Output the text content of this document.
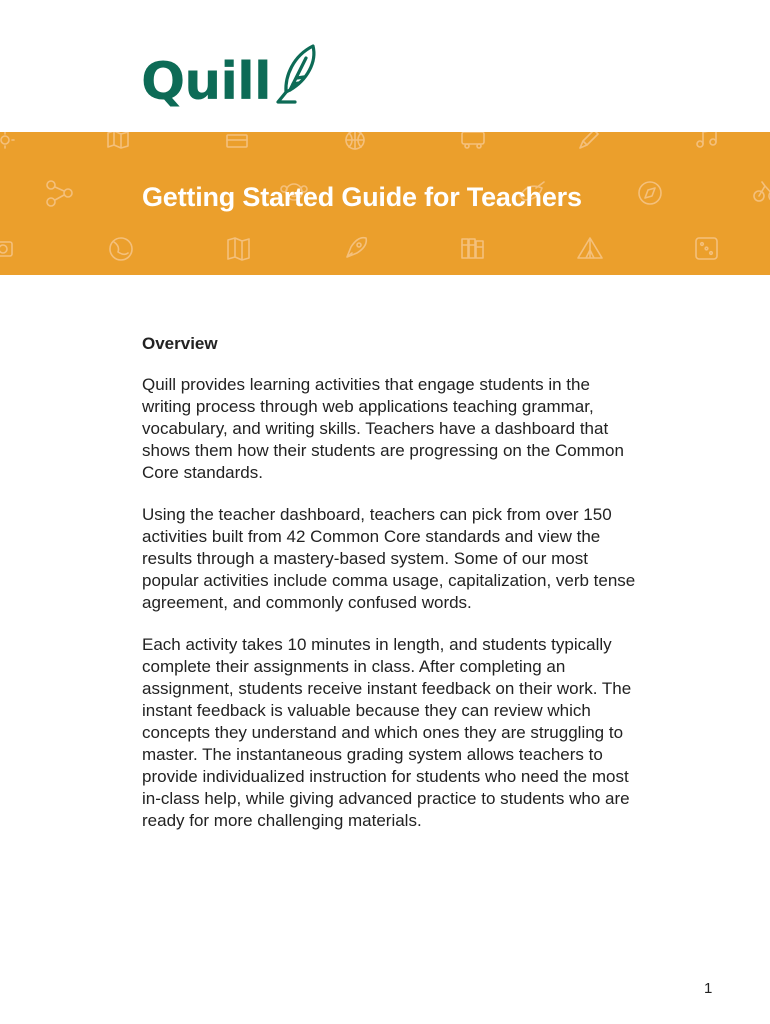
Quill
Getting Started Guide for Teachers
Overview

Quill provides learning activities that engage students in the writing process through web applications teaching grammar, vocabulary, and writing skills. Teachers have a dashboard that shows them how their students are progressing on the Common Core standards.

Using the teacher dashboard, teachers can pick from over 150 activities built from 42 Common Core standards and view the results through a mastery-based system. Some of our most popular activities include comma usage, capitalization, verb tense agreement, and commonly confused words.

Each activity takes 10 minutes in length, and students typically complete their assignments in class. After completing an assignment, students receive instant feedback on their work. The instant feedback is valuable because they can review which concepts they understand and which ones they are struggling to master. The instantaneous grading system allows teachers to provide individualized instruction for students who need the most in-class help, while giving advanced practice to students who are ready for more challenging materials.

1
